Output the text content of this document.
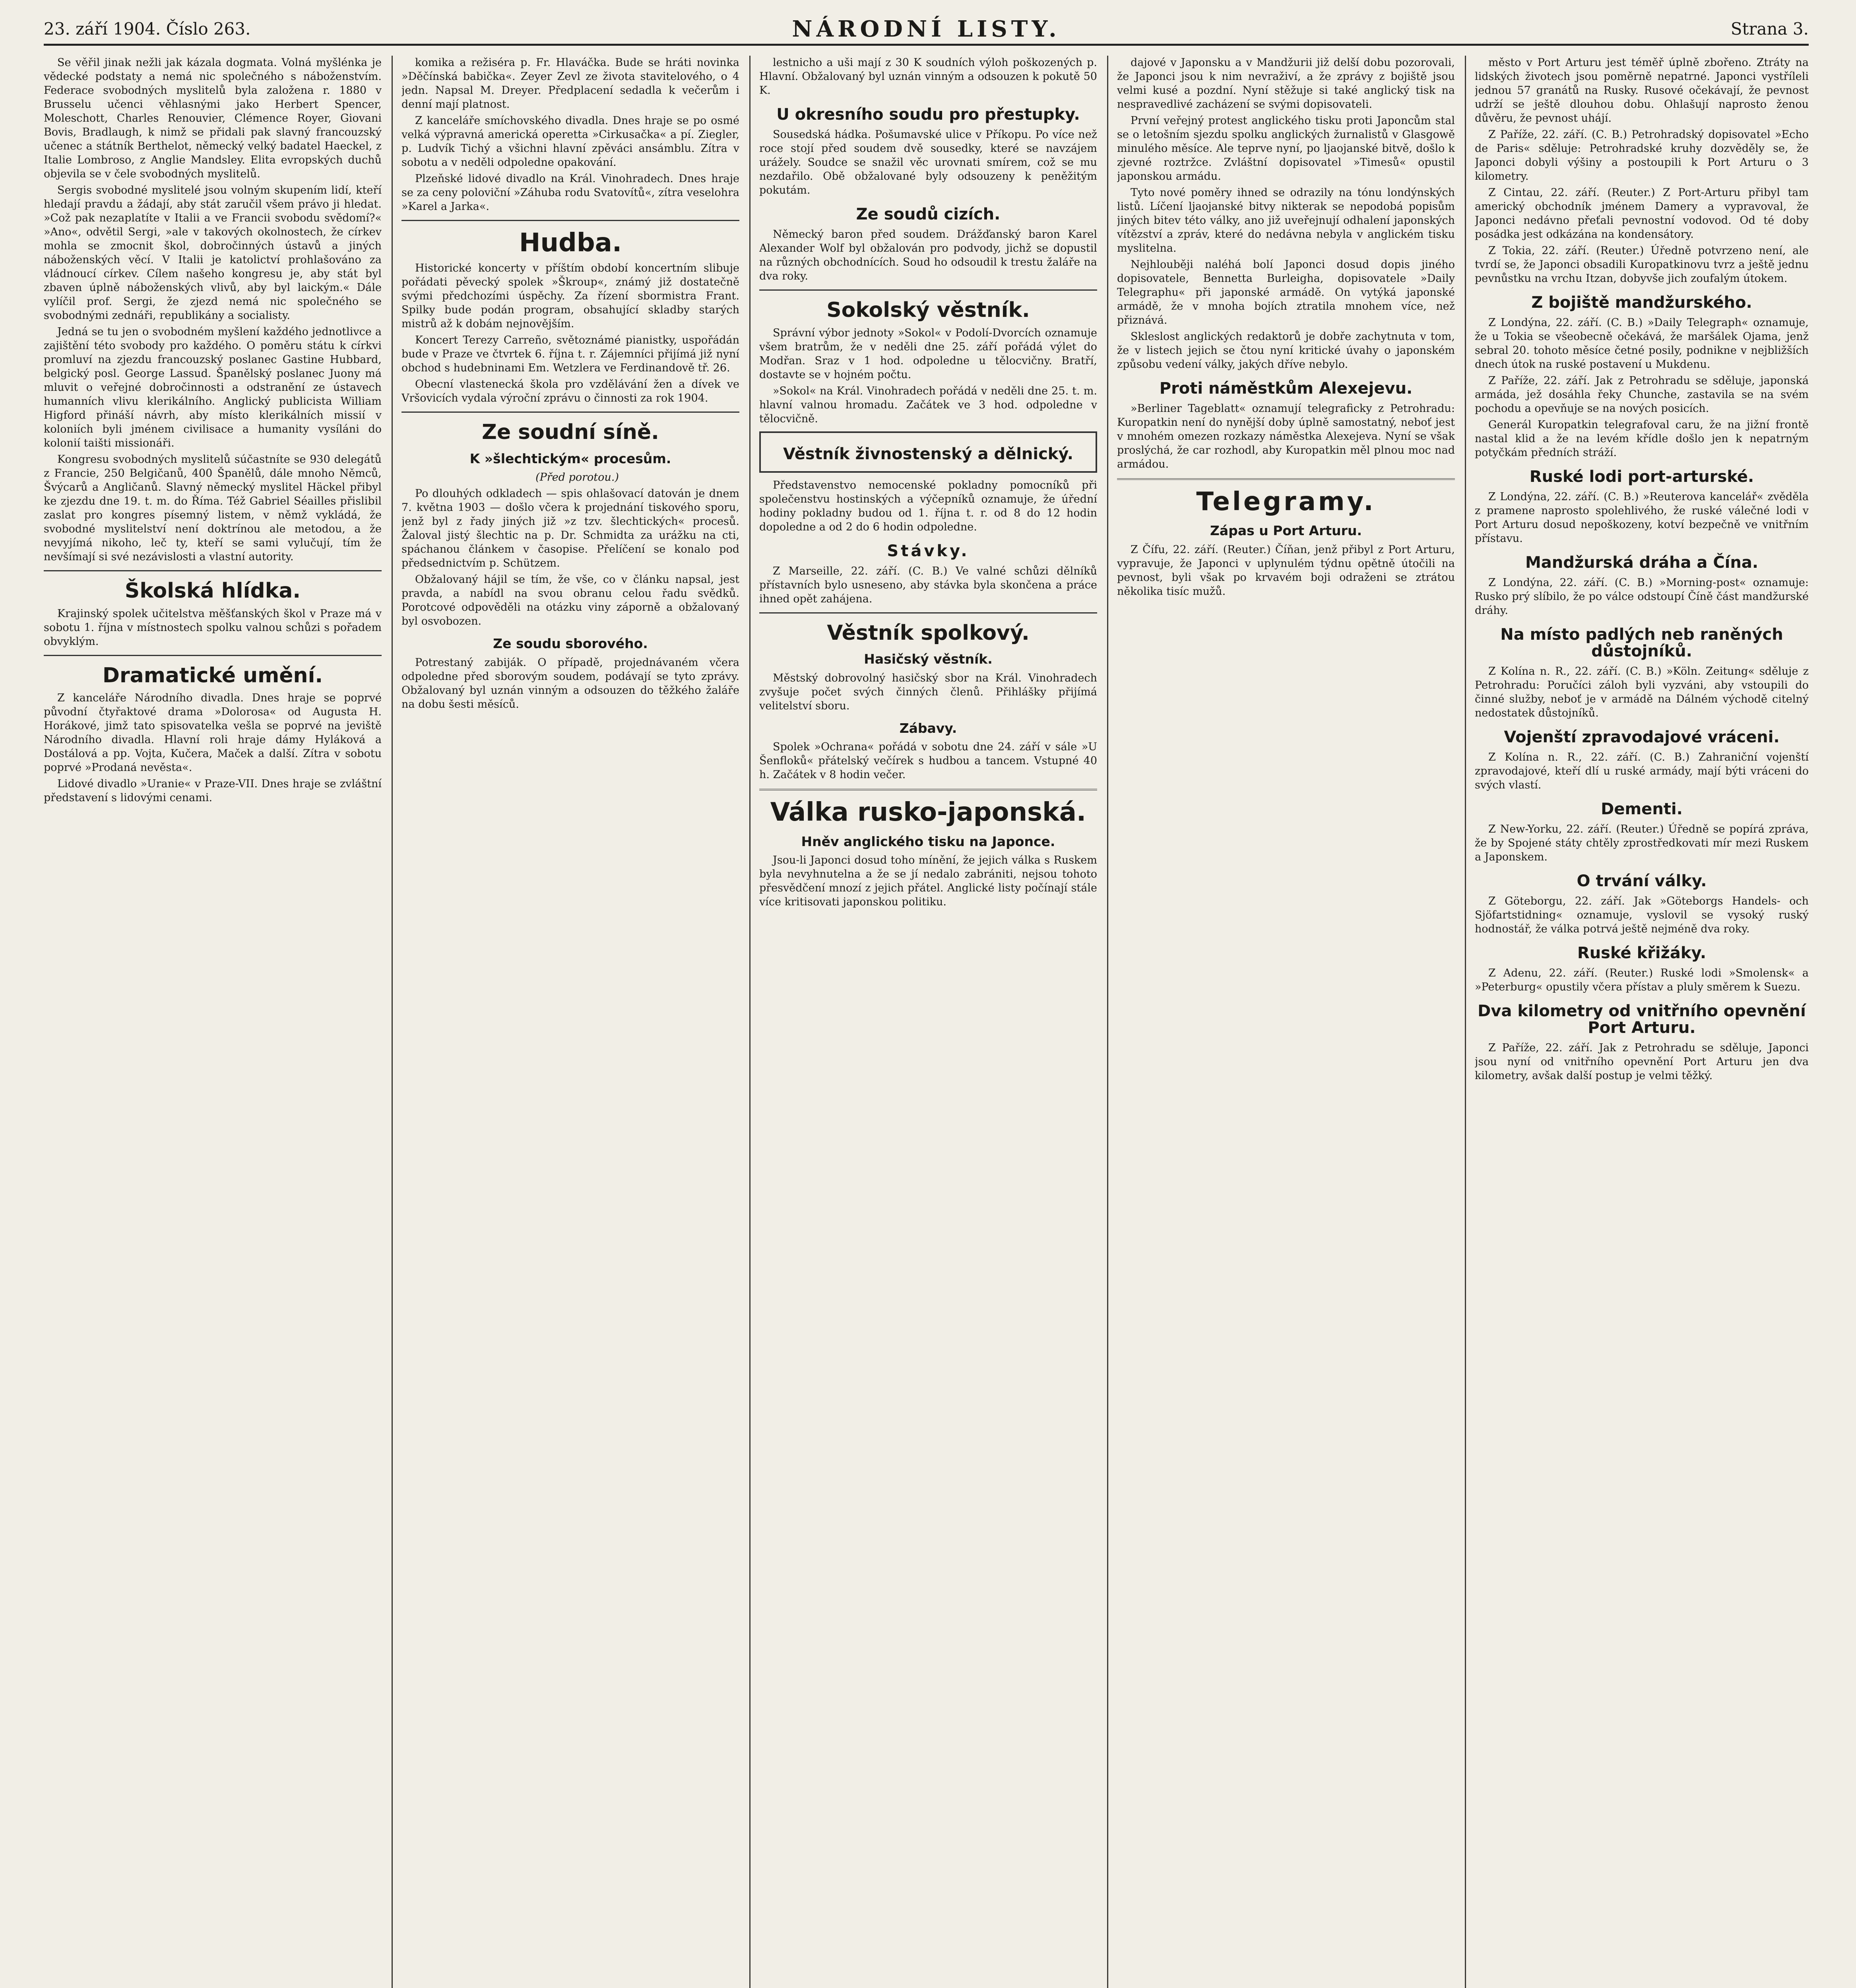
23. září 1904. Číslo 263.	NÁRODNÍ LISTY.	Strana 3.

Se věřil jinak nežli jak kázala dogmata. Volná myšlénka je vědecké podstaty a nemá nic společného s náboženstvím. Federace svobodných myslitelů byla založena r. 1880 v Brusselu učenci věhlasnými jako Herbert Spencer, Moleschott, Charles Renouvier, Clémence Royer, Giovani Bovis, Bradlaugh, k nimž se přidali pak slavný francouzský učenec a státník Berthelot, německý velký badatel Haeckel, z Italie Lombroso, z Anglie Mandsley. Elita evropských duchů objevila se v čele svobodných myslitelů.

Sergis svobodné myslitelé jsou volným skupením lidí, kteří hledají pravdu a žádají, aby stát zaručil všem právo ji hledat. »Což pak nezaplatíte v Italii a ve Francii svobodu svědomí?« »Ano«, odvětil Sergi, »ale v takových okolnostech, že církev mohla se zmocnit škol, dobročinných ústavů a jiných náboženských věcí. V Italii je katolictví prohlašováno za vládnoucí církev. Cílem našeho kongresu je, aby stát byl zbaven úplně náboženských vlivů, aby byl laickým.« Dále vylíčil prof. Sergi, že zjezd nemá nic společného se svobodnými zednáři, republikány a socialisty.

Jedná se tu jen o svobodném myšlení každého jednotlivce a zajištění této svobody pro každého. O poměru státu k církvi promluví na zjezdu francouzský poslanec Gastine Hubbard, belgický posl. George Lassud. Španělský poslanec Juony má mluvit o veřejné dobročinnosti a odstranění ze ústavech humanních vlivu klerikálního. Anglický publicista William Higford přináší návrh, aby místo klerikálních missií v koloniích byli jménem civilisace a humanity vysíláni do kolonií taišti missionáři.

Kongresu svobodných myslitelů súčastníte se 930 delegátů z Francie, 250 Belgičanů, 400 Španělů, dále mnoho Němců, Švýcarů a Angličanů. Slavný německý myslitel Häckel přibyl ke zjezdu dne 19. t. m. do Říma. Též Gabriel Séailles přislibil zaslat pro kongres písemný listem, v němž vykládá, že svobodné myslitelství není doktrínou ale metodou, a že nevyjímá nikoho, leč ty, kteří se sami vylučují, tím že nevšímají si své nezávislosti a vlastní autority.

Školská hlídka.

Krajinský spolek učitelstva měšťanských škol v Praze má v sobotu 1. října v místnostech spolku valnou schůzi s pořadem obvyklým.

Dramatické umění.

Z kanceláře Národního divadla. Dnes hraje se poprvé původní čtyřaktové drama »Dolorosa« od Augusta H. Horákové, jimž tato spisovatelka vešla se poprvé na jeviště Národního divadla. Hlavní roli hraje dámy Hyláková a Dostálová a pp. Vojta, Kučera, Maček a další. Zítra v sobotu poprvé »Prodaná nevěsta«.

Lidové divadlo »Uranie« v Praze-VII. Dnes hraje se zvláštní představení s lidovými cenami.

komika a režiséra p. Fr. Hlaváčka. Bude se hráti novinka »Děčínská babička«. Zeyer Zevl ze života stavitelového, o 4 jedn. Napsal M. Dreyer. Předplacení sedadla k večerům i denní mají platnost.

Z kanceláře smíchovského divadla. Dnes hraje se po osmé velká výpravná americká operetta »Cirkusačka« a pí. Ziegler, p. Ludvík Tichý a všichni hlavní zpěváci ansámblu. Zítra v sobotu a v neděli odpoledne opakování.

Plzeňské lidové divadlo na Král. Vinohradech. Dnes hraje se za ceny poloviční »Záhuba rodu Svatovítů«, zítra veselohra »Karel a Jarka«.

Hudba.

Historické koncerty v příštím období koncertním slibuje pořádati pěvecký spolek »Škroup«, známý již dostatečně svými předchozími úspěchy. Za řízení sbormistra Frant. Spilky bude podán program, obsahující skladby starých mistrů až k dobám nejnovějším.

Koncert Terezy Carreño, světoznámé pianistky, uspořádán bude v Praze ve čtvrtek 6. října t. r. Zájemníci přijímá již nyní obchod s hudebninami Em. Wetzlera ve Ferdinandově tř. 26.

Obecní vlastenecká škola pro vzdělávání žen a dívek ve Vršovicích vydala výroční zprávu o činnosti za rok 1904.

Ze soudní síně.
K »šlechtickým« procesům.

(Před porotou.)

Po dlouhých odkladech — spis ohlašovací datován je dnem 7. května 1903 — došlo včera k projednání tiskového sporu, jenž byl z řady jiných již »z tzv. šlechtických« procesů. Žaloval jistý šlechtic na p. Dr. Schmidta za urážku na cti, spáchanou článkem v časopise. Přelíčení se konalo pod předsednictvím p. Schützem.

Obžalovaný hájil se tím, že vše, co v článku napsal, jest pravda, a nabídl na svou obranu celou řadu svědků. Porotcové odpověděli na otázku viny záporně a obžalovaný byl osvobozen.

Ze soudu sborového.

Potrestaný zabiják. O případě, projednávaném včera odpoledne před sborovým soudem, podávají se tyto zprávy. Obžalovaný byl uznán vinným a odsouzen do těžkého žaláře na dobu šesti měsíců.

lestnicho a uši mají z 30 K soudních výloh poškozených p. Hlavní. Obžalovaný byl uznán vinným a odsouzen k pokutě 50 K.

U okresního soudu pro přestupky.

Sousedská hádka. Pošumavské ulice v Příkopu. Po více než roce stojí před soudem dvě sousedky, které se navzájem urážely. Soudce se snažil věc urovnati smírem, což se mu nezdařilo. Obě obžalované byly odsouzeny k peněžitým pokutám.

Ze soudů cizích.

Německý baron před soudem. Drážďanský baron Karel Alexander Wolf byl obžalován pro podvody, jichž se dopustil na různých obchodnících. Soud ho odsoudil k trestu žaláře na dva roky.

Sokolský věstník.

Správní výbor jednoty »Sokol« v Podolí-Dvorcích oznamuje všem bratrům, že v neděli dne 25. září pořádá výlet do Modřan. Sraz v 1 hod. odpoledne u tělocvičny. Bratří, dostavte se v hojném počtu.

»Sokol« na Král. Vinohradech pořádá v neděli dne 25. t. m. hlavní valnou hromadu. Začátek ve 3 hod. odpoledne v tělocvičně.

Věstník živnostenský a dělnický.

Představenstvo nemocenské pokladny pomocníků při společenstvu hostinských a výčepníků oznamuje, že úřední hodiny pokladny budou od 1. října t. r. od 8 do 12 hodin dopoledne a od 2 do 6 hodin odpoledne.

Stávky.

Z Marseille, 22. září. (C. B.) Ve valné schůzi dělníků přístavních bylo usneseno, aby stávka byla skončena a práce ihned opět zahájena.

Věstník spolkový.
Hasičský věstník.

Městský dobrovolný hasičský sbor na Král. Vinohradech zvyšuje počet svých činných členů. Přihlášky přijímá velitelství sboru.

Zábavy.

Spolek »Ochrana« pořádá v sobotu dne 24. září v sále »U Šenfloků« přátelský večírek s hudbou a tancem. Vstupné 40 h. Začátek v 8 hodin večer.

Válka rusko-japonská.
Hněv anglického tisku na Japonce.

Jsou-li Japonci dosud toho mínění, že jejich válka s Ruskem byla nevyhnutelna a že se jí nedalo zabrániti, nejsou tohoto přesvědčení mnozí z jejich přátel. Anglické listy počínají stále více kritisovati japonskou politiku.

dajové v Japonsku a v Mandžurii již delší dobu pozorovali, že Japonci jsou k nim nevraživí, a že zprávy z bojiště jsou velmi kusé a pozdní. Nyní stěžuje si také anglický tisk na nespravedlivé zacházení se svými dopisovateli.

První veřejný protest anglického tisku proti Japoncům stal se o letošním sjezdu spolku anglických žurnalistů v Glasgowě minulého měsíce. Ale teprve nyní, po ljaojanské bitvě, došlo k zjevné roztržce. Zvláštní dopisovatel »Timesů« opustil japonskou armádu.

Tyto nové poměry ihned se odrazily na tónu londýnských listů. Líčení ljaojanské bitvy nikterak se nepodobá popisům jiných bitev této války, ano již uveřejnují odhalení japonských vítězství a zpráv, které do nedávna nebyla v anglickém tisku myslitelna.

Nejhlouběji naléhá bolí Japonci dosud dopis jiného dopisovatele, Bennetta Burleigha, dopisovatele »Daily Telegraphu« při japonské armádě. On vytýká japonské armádě, že v mnoha bojích ztratila mnohem více, než přiznává.

Skleslost anglických redaktorů je dobře zachytnuta v tom, že v listech jejich se čtou nyní kritické úvahy o japonském způsobu vedení války, jakých dříve nebylo.

Proti náměstkům Alexejevu.

»Berliner Tageblatt« oznamují telegraficky z Petrohradu: Kuropatkin není do nynější doby úplně samostatný, neboť jest v mnohém omezen rozkazy náměstka Alexejeva. Nyní se však proslýchá, že car rozhodl, aby Kuropatkin měl plnou moc nad armádou.

Telegramy.
Zápas u Port Arturu.

Z Čífu, 22. září. (Reuter.) Číňan, jenž přibyl z Port Arturu, vypravuje, že Japonci v uplynulém týdnu opětně útočili na pevnost, byli však po krvavém boji odraženi se ztrátou několika tisíc mužů.

město v Port Arturu jest téměř úplně zbořeno. Ztráty na lidských životech jsou poměrně nepatrné. Japonci vystříleli jednou 57 granátů na Rusky. Rusové očekávají, že pevnost udrží se ještě dlouhou dobu. Ohlašují naprosto ženou důvěru, že pevnost uhájí.

Z Paříže, 22. září. (C. B.) Petrohradský dopisovatel »Echo de Paris« sděluje: Petrohradské kruhy dozvěděly se, že Japonci dobyli výšiny a postoupili k Port Arturu o 3 kilometry.

Z Cintau, 22. září. (Reuter.) Z Port-Arturu přibyl tam americký obchodník jménem Damery a vypravoval, že Japonci nedávno přeťali pevnostní vodovod. Od té doby posádka jest odkázána na kondensátory.

Z Tokia, 22. září. (Reuter.) Úředně potvrzeno není, ale tvrdí se, že Japonci obsadili Kuropatkinovu tvrz a ještě jednu pevnůstku na vrchu Itzan, dobyvše jich zoufalým útokem.

Z bojiště mandžurského.

Z Londýna, 22. září. (C. B.) »Daily Telegraph« oznamuje, že u Tokia se všeobecně očekává, že maršálek Ojama, jenž sebral 20. tohoto měsíce četné posily, podnikne v nejbližších dnech útok na ruské postavení u Mukdenu.

Z Paříže, 22. září. Jak z Petrohradu se sděluje, japonská armáda, jež dosáhla řeky Chunche, zastavila se na svém pochodu a opevňuje se na nových posicích.

Generál Kuropatkin telegrafoval caru, že na jižní frontě nastal klid a že na levém křídle došlo jen k nepatrným potyčkám předních stráží.

Ruské lodi port-arturské.

Z Londýna, 22. září. (C. B.) »Reuterova kancelář« zvěděla z pramene naprosto spolehlivého, že ruské válečné lodi v Port Arturu dosud nepoškozeny, kotví bezpečně ve vnitřním přístavu.

Mandžurská dráha a Čína.

Z Londýna, 22. září. (C. B.) »Morning-post« oznamuje: Rusko prý slíbilo, že po válce odstoupí Číně část mandžurské dráhy.

Na místo padlých neb raněných důstojníků.

Z Kolína n. R., 22. září. (C. B.) »Köln. Zeitung« sděluje z Petrohradu: Poručíci záloh byli vyzváni, aby vstoupili do činné služby, neboť je v armádě na Dálném východě citelný nedostatek důstojníků.

Vojenští zpravodajové vráceni.

Z Kolína n. R., 22. září. (C. B.) Zahraniční vojenští zpravodajové, kteří dlí u ruské armády, mají býti vráceni do svých vlastí.

Dementi.

Z New-Yorku, 22. září. (Reuter.) Úředně se popírá zpráva, že by Spojené státy chtěly zprostředkovati mír mezi Ruskem a Japonskem.

O trvání války.

Z Göteborgu, 22. září. Jak »Göteborgs Handels- och Sjöfartstidning« oznamuje, vyslovil se vysoký ruský hodnostář, že válka potrvá ještě nejméně dva roky.

Ruské křižáky.

Z Adenu, 22. září. (Reuter.) Ruské lodi »Smolensk« a »Peterburg« opustily včera přístav a pluly směrem k Suezu.

Dva kilometry od vnitřního opevnění Port Arturu.

Z Paříže, 22. září. Jak z Petrohradu se sděluje, Japonci jsou nyní od vnitřního opevnění Port Arturu jen dva kilometry, avšak další postup je velmi těžký.
